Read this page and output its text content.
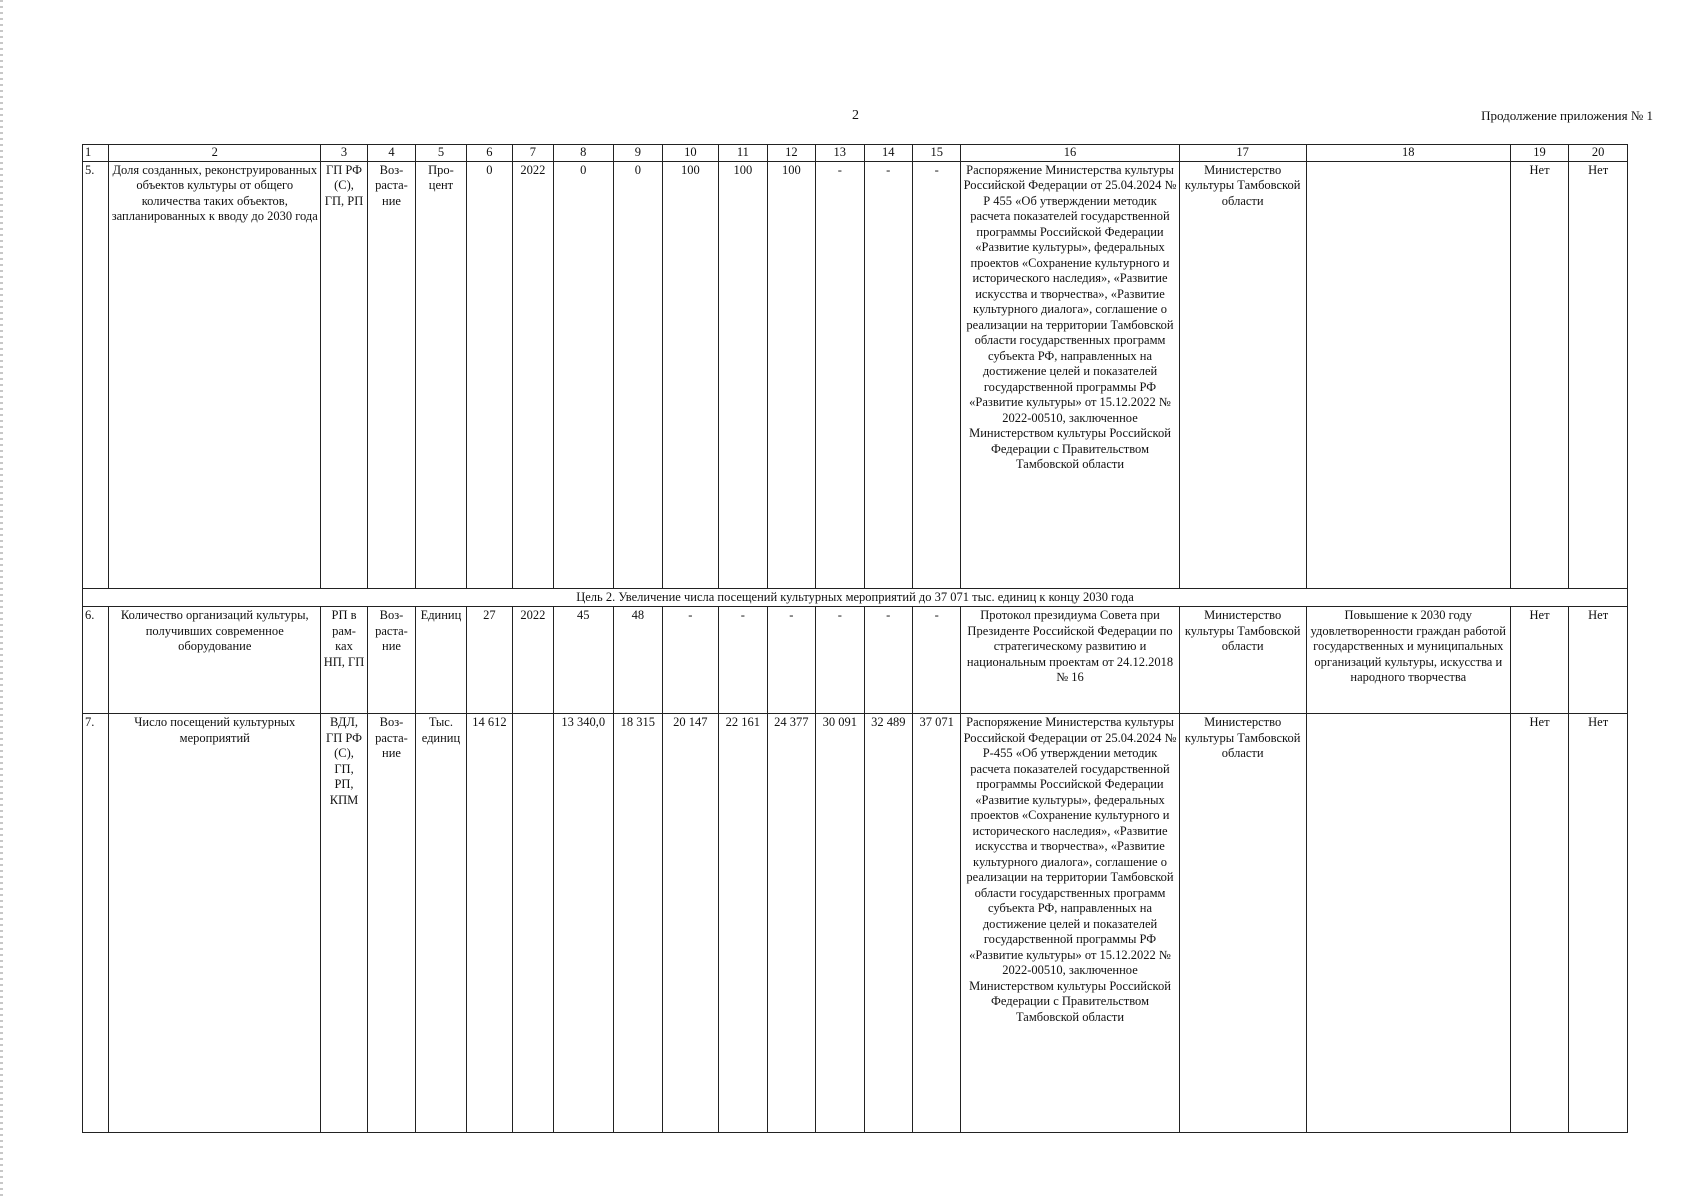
2	Продолжение приложения № 1
1	2	3	4	5	6	7	8	9	10	11	12	13	14	15	16	17	18	19	20
5.	Доля созданных, реконструированных объектов культуры от общего количества таких объектов, запланированных к вводу до 2030 года	ГП РФ (С), ГП, РП	Воз-раста-ние	Про-цент	0	2022	0	0	100	100	100	-	-	-	Распоряжение Министерства культуры Российской Федерации от 25.04.2024 № Р 455 «Об утверждении методик расчета показателей государственной программы Российской Федерации «Развитие культуры», федеральных проектов «Сохранение культурного и исторического наследия», «Развитие искусства и творчества», «Развитие культурного диалога», соглашение о реализации на территории Тамбовской области государственных программ субъекта РФ, направленных на достижение целей и показателей государственной программы РФ «Развитие культуры» от 15.12.2022 № 2022-00510, заключенное Министерством культуры Российской Федерации с Правительством Тамбовской области	Министерство культуры Тамбовской области		Нет	Нет
Цель 2. Увеличение числа посещений культурных мероприятий до 37 071 тыс. единиц к концу 2030 года																			
6.	Количество организаций культуры, получивших современное оборудование	РП в рам-ках НП, ГП	Воз-раста-ние	Единиц	27	2022	45	48	-	-	-	-	-	-	Протокол президиума Совета при Президенте Российской Федерации по стратегическому развитию и национальным проектам от 24.12.2018 № 16	Министерство культуры Тамбовской области	Повышение к 2030 году удовлетворенности граждан работой государственных и муниципальных организаций культуры, искусства и народного творчества	Нет	Нет
7.	Число посещений культурных мероприятий	ВДЛ, ГП РФ (С), ГП, РП, КПМ	Воз-раста-ние	Тыс. единиц	14 612		13 340,0	18 315	20 147	22 161	24 377	30 091	32 489	37 071	Распоряжение Министерства культуры Российской Федерации от 25.04.2024 № Р-455 «Об утверждении методик расчета показателей государственной программы Российской Федерации «Развитие культуры», федеральных проектов «Сохранение культурного и исторического наследия», «Развитие искусства и творчества», «Развитие культурного диалога», соглашение о реализации на территории Тамбовской области государственных программ субъекта РФ, направленных на достижение целей и показателей государственной программы РФ «Развитие культуры» от 15.12.2022 № 2022-00510, заключенное Министерством культуры Российской Федерации с Правительством Тамбовской области	Министерство культуры Тамбовской области		Нет	Нет
